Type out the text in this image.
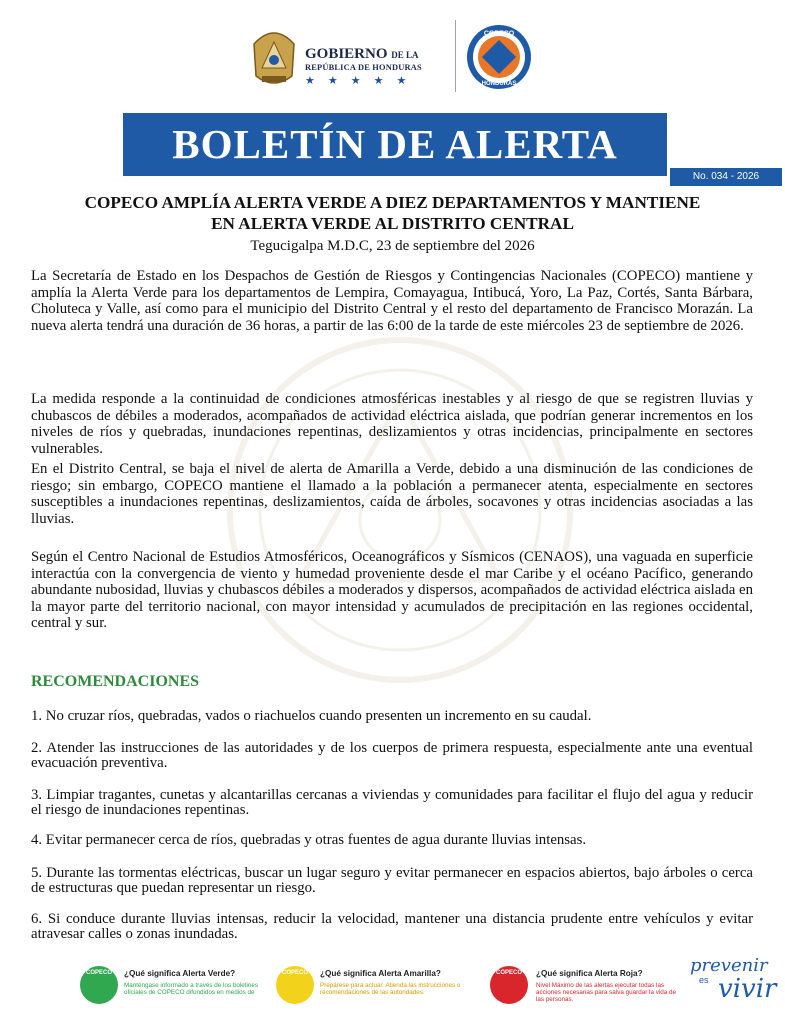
GOBIERNO DE LA
REPÚBLICA DE HONDURAS
★★★★★
COPECO
HONDURAS
BOLETÍN DE ALERTA
No. 034 - 2026
COPECO AMPLÍA ALERTA VERDE A DIEZ DEPARTAMENTOS Y MANTIENE
EN ALERTA VERDE AL DISTRITO CENTRAL
Tegucigalpa M.D.C, 23 de septiembre del 2026

La Secretaría de Estado en los Despachos de Gestión de Riesgos y Contingencias Nacionales (COPECO) mantiene y amplía la Alerta Verde para los departamentos de Lempira, Comayagua, Intibucá, Yoro, La Paz, Cortés, Santa Bárbara, Choluteca y Valle, así como para el municipio del Distrito Central y el resto del departamento de Francisco Morazán. La nueva alerta tendrá una duración de 36 horas, a partir de las 6:00 de la tarde de este miércoles 23 de septiembre de 2026.

La medida responde a la continuidad de condiciones atmosféricas inestables y al riesgo de que se registren lluvias y chubascos de débiles a moderados, acompañados de actividad eléctrica aislada, que podrían generar incrementos en los niveles de ríos y quebradas, inundaciones repentinas, deslizamientos y otras incidencias, principalmente en sectores vulnerables.

En el Distrito Central, se baja el nivel de alerta de Amarilla a Verde, debido a una disminución de las condiciones de riesgo; sin embargo, COPECO mantiene el llamado a la población a permanecer atenta, especialmente en sectores susceptibles a inundaciones repentinas, deslizamientos, caída de árboles, socavones y otras incidencias asociadas a las lluvias.

Según el Centro Nacional de Estudios Atmosféricos, Oceanográficos y Sísmicos (CENAOS), una vaguada en superficie interactúa con la convergencia de viento y humedad proveniente desde el mar Caribe y el océano Pacífico, generando abundante nubosidad, lluvias y chubascos débiles a moderados y dispersos, acompañados de actividad eléctrica aislada en la mayor parte del territorio nacional, con mayor intensidad y acumulados de precipitación en las regiones occidental, central y sur.

RECOMENDACIONES

1. No cruzar ríos, quebradas, vados o riachuelos cuando presenten un incremento en su caudal.

2. Atender las instrucciones de las autoridades y de los cuerpos de primera respuesta, especialmente ante una eventual evacuación preventiva.

3. Limpiar tragantes, cunetas y alcantarillas cercanas a viviendas y comunidades para facilitar el flujo del agua y reducir el riesgo de inundaciones repentinas.

4. Evitar permanecer cerca de ríos, quebradas y otras fuentes de agua durante lluvias intensas.

5. Durante las tormentas eléctricas, buscar un lugar seguro y evitar permanecer en espacios abiertos, bajo árboles o cerca de estructuras que puedan representar un riesgo.

6. Si conduce durante lluvias intensas, reducir la velocidad, mantener una distancia prudente entre vehículos y evitar atravesar calles o zonas inundadas.

COPECO	¿Qué significa Alerta Verde?
Manténgase informado a través de los boletines oficiales de COPECO difundidos en medios de
COPECO	¿Qué significa Alerta Amarilla?
Prepárese para actuar. Atienda las instrucciones o recomendaciones de las autoridades.
COPECO	¿Qué significa Alerta Roja?
Nivel Máximo de las alertas ejecutar todas las acciones necesarias para salva guardar la vida de las personas.
prevenir
es vivir
